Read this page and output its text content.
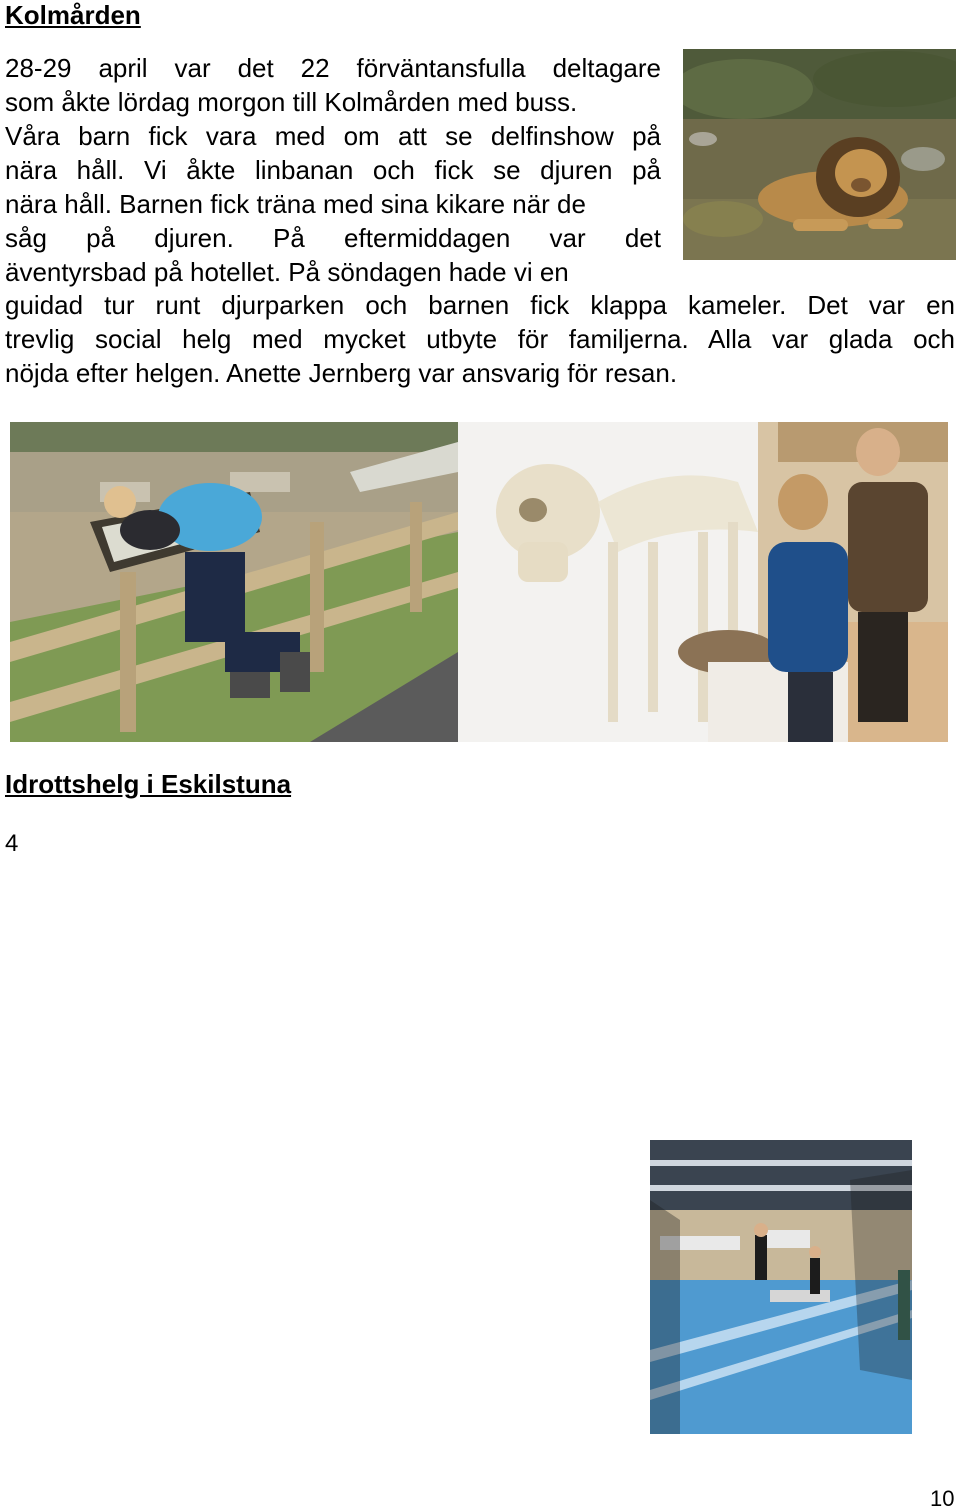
Kolmården

28-29 april var det 22 förväntansfulla deltagare

som åkte lördag morgon till Kolmården med buss.

Våra barn fick vara med om att se delfinshow på

nära håll. Vi åkte linbanan och fick se djuren på

nära håll. Barnen fick träna med sina kikare när de

såg på djuren. På eftermiddagen var det

äventyrsbad på hotellet. På söndagen hade vi en

guidad tur runt djurparken och barnen fick klappa kameler. Det var en

trevlig social helg med mycket utbyte för familjerna. Alla var glada och

nöjda efter helgen. Anette Jernberg var ansvarig för resan.

Idrottshelg i Eskilstuna

4

10
